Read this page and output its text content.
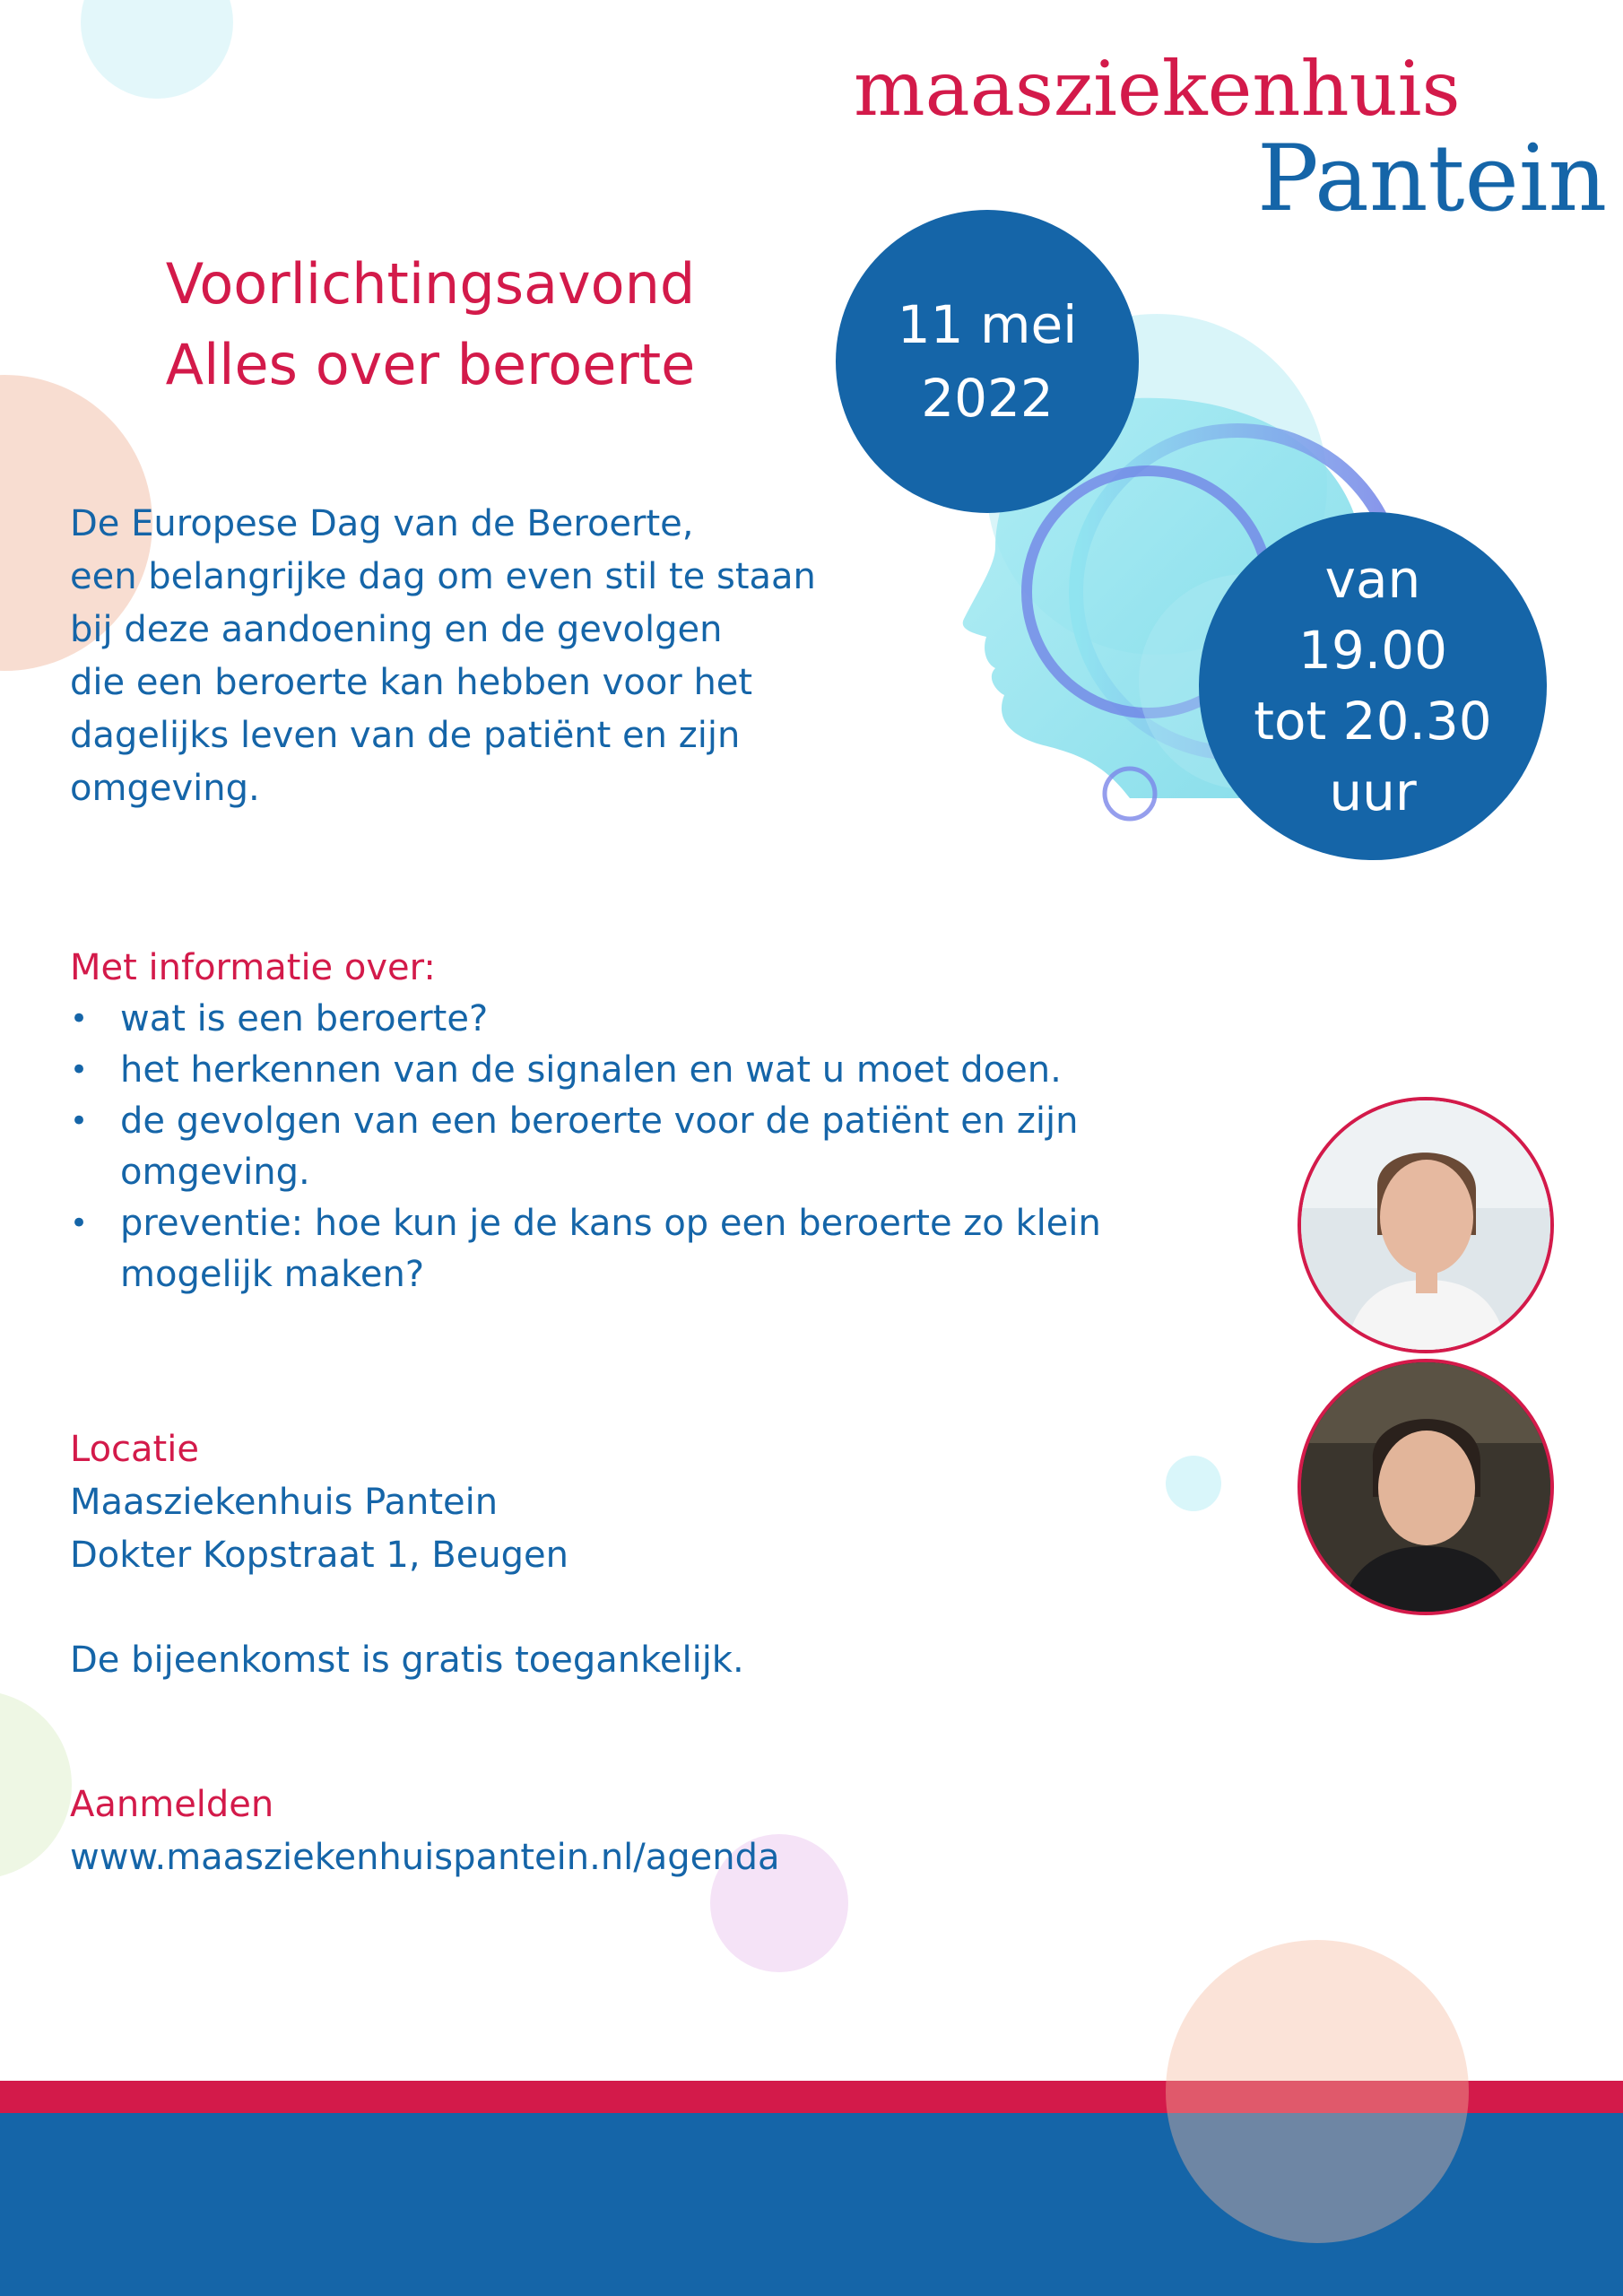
maasziekenhuis
Pantein
Voorlichtingsavond
Alles over beroerte
11 mei
2022
van
19.00
tot 20.30
uur
De Europese Dag van de Beroerte,
een belangrijke dag om even stil te staan
bij deze aandoening en de gevolgen
die een beroerte kan hebben voor het
dagelijks leven van de patiënt en zijn
omgeving.
Met informatie over:
• wat is een beroerte?
• het herkennen van de signalen en wat u moet doen.
• de gevolgen van een beroerte voor de patiënt en zijn
omgeving.
• preventie: hoe kun je de kans op een beroerte zo klein
mogelijk maken?
Locatie
Maasziekenhuis Pantein
Dokter Kopstraat 1, Beugen
De bijeenkomst is gratis toegankelijk.
Aanmelden
www.maasziekenhuispantein.nl/agenda
